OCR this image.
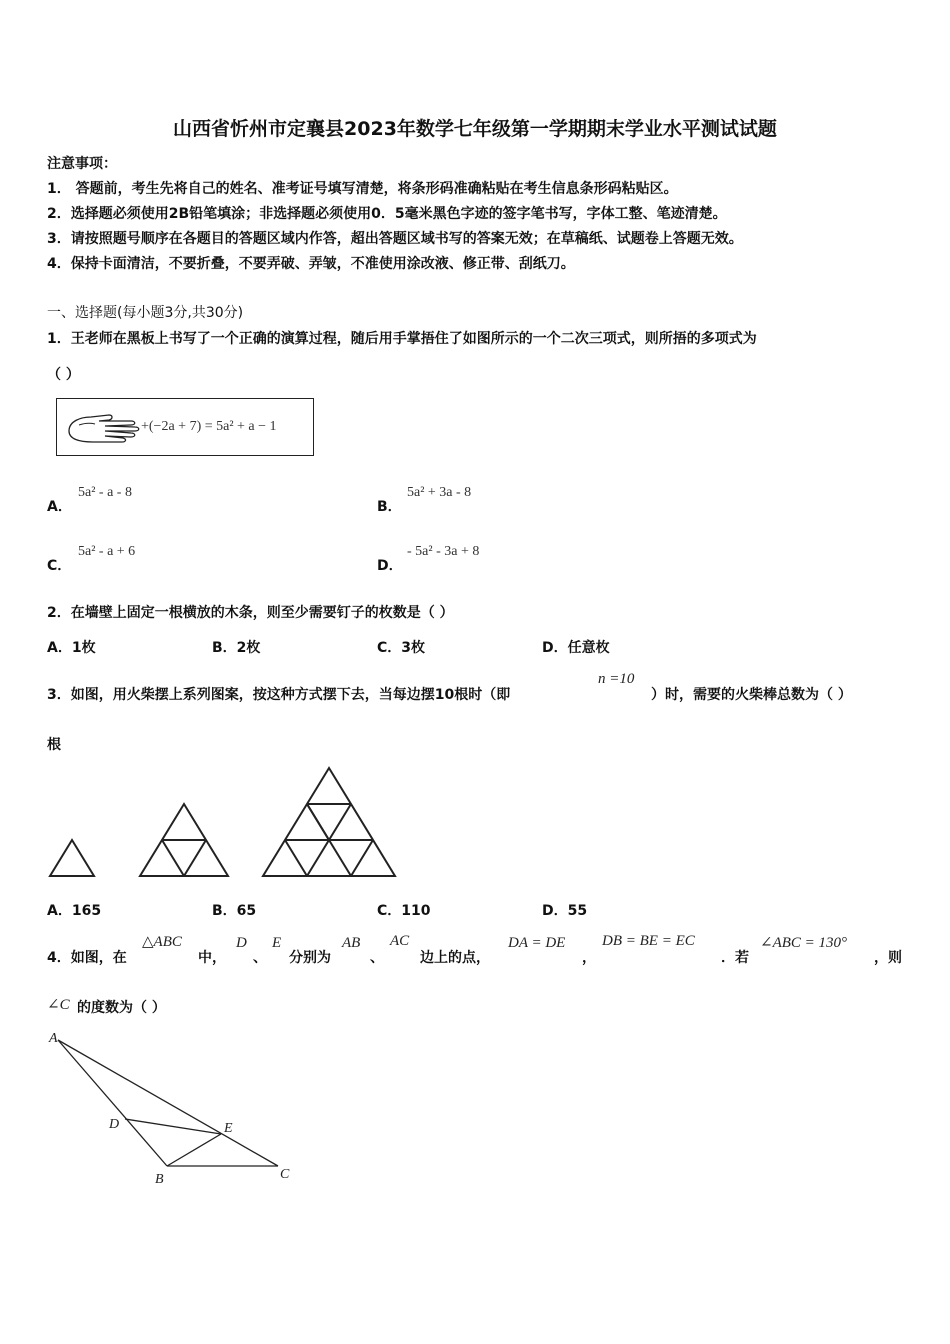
山西省忻州市定襄县2023年数学七年级第一学期期末学业水平测试试题
注意事项：
1． 答题前，考生先将自己的姓名、准考证号填写清楚，将条形码准确粘贴在考生信息条形码粘贴区。
2．选择题必须使用2B铅笔填涂；非选择题必须使用0．5毫米黑色字迹的签字笔书写，字体工整、笔迹清楚。
3．请按照题号顺序在各题目的答题区域内作答，超出答题区域书写的答案无效；在草稿纸、试题卷上答题无效。
4．保持卡面清洁，不要折叠，不要弄破、弄皱，不准使用涂改液、修正带、刮纸刀。
一、选择题(每小题3分,共30分)
1．王老师在黑板上书写了一个正确的演算过程，随后用手掌捂住了如图所示的一个二次三项式，则所捂的多项式为
（ ）
+(−2a + 7) = 5a² + a − 1
A．
5a² - a - 8
B．
5a² + 3a - 8
C．
5a² - a + 6
D．
- 5a² - 3a + 8
2．在墙壁上固定一根横放的木条，则至少需要钉子的枚数是（ ）
A．1枚	B．2枚	C．3枚	D．任意枚
3．如图，用火柴摆上系列图案，按这种方式摆下去，当每边摆10根时（即
n =10
）时，需要的火柴棒总数为（ ）
根
A．165	B．65	C．110	D．55
4．如图，在
△ABC
中，
D
、
E
分别为
AB
、
AC
边上的点，
DA = DE
，
DB = BE = EC
．若
∠ABC = 130°
，则
∠C 的度数为（ ）
A
B	C
D	E
